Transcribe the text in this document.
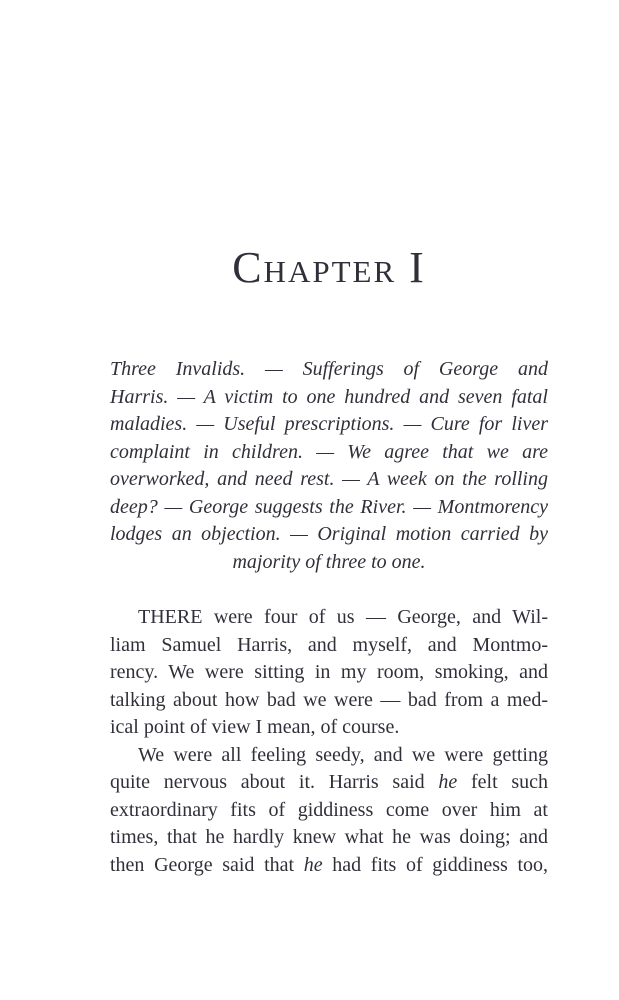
Chapter I
Three Invalids. — Sufferings of George and
Harris. — A victim to one hundred and seven fatal
maladies. — Useful prescriptions. — Cure for liver
complaint in children. — We agree that we are
overworked, and need rest. — A week on the rolling
deep? — George suggests the River. — Montmorency
lodges an objection. — Original motion carried by
majority of three to one.
THERE were four of us — George, and Wil-
liam Samuel Harris, and myself, and Montmo-
rency. We were sitting in my room, smoking, and
talking about how bad we were — bad from a med-
ical point of view I mean, of course.
We were all feeling seedy, and we were getting
quite nervous about it. Harris said he felt such
extraordinary fits of giddiness come over him at
times, that he hardly knew what he was doing; and
then George said that he had fits of giddiness too,
